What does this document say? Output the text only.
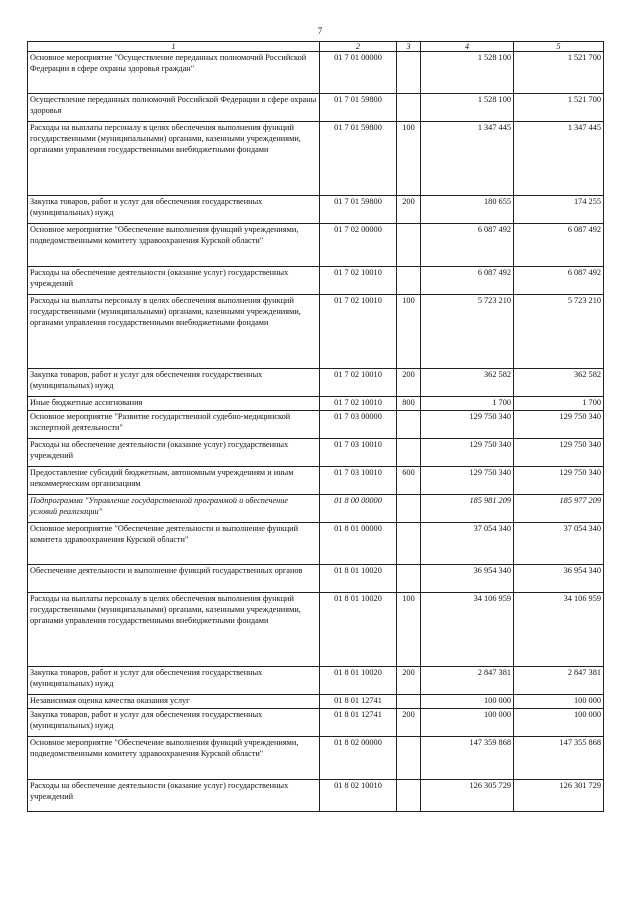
7
1	2	3	4	5
Основное мероприятие "Осуществление переданных полномочий Российской Федерации в сфере охраны здоровья граждан"	01 7 01 00000		1 528 100	1 521 700
Осуществление переданных полномочий Российской Федерации в сфере охраны здоровья	01 7 01 59800		1 528 100	1 521 700
Расходы на выплаты персоналу в целях обеспечения выполнения функций государственными (муниципальными) органами, казенными учреждениями, органами управления государственными внебюджетными фондами	01 7 01 59800	100	1 347 445	1 347 445
Закупка товаров, работ и услуг для обеспечения государственных (муниципальных) нужд	01 7 01 59800	200	180 655	174 255
Основное мероприятие "Обеспечение выполнения функций учреждениями, подведомственными комитету здравоохранения Курской области"	01 7 02 00000		6 087 492	6 087 492
Расходы на обеспечение деятельности (оказание услуг) государственных учреждений	01 7 02 10010		6 087 492	6 087 492
Расходы на выплаты персоналу в целях обеспечения выполнения функций государственными (муниципальными) органами, казенными учреждениями, органами управления государственными внебюджетными фондами	01 7 02 10010	100	5 723 210	5 723 210
Закупка товаров, работ и услуг для обеспечения государственных (муниципальных) нужд	01 7 02 10010	200	362 582	362 582
Иные бюджетные ассигнования	01 7 02 10010	800	1 700	1 700
Основное мероприятие "Развитие государственной судебно-медицинской экспертной деятельности"	01 7 03 00000		129 750 340	129 750 340
Расходы на обеспечение деятельности (оказание услуг) государственных учреждений	01 7 03 10010		129 750 340	129 750 340
Предоставление субсидий бюджетным, автономным учреждениям и иным некоммерческим организациям	01 7 03 10010	600	129 750 340	129 750 340
Подпрограмма "Управление государственной программой и обеспечение условий реализации"	01 8 00 00000		185 981 209	185 977 209
Основное мероприятие "Обеспечение деятельности и выполнение функций комитета здравоохранения Курской области"	01 8 01 00000		37 054 340	37 054 340
Обеспечение деятельности и выполнение функций государственных органов	01 8 01 10020		36 954 340	36 954 340
Расходы на выплаты персоналу в целях обеспечения выполнения функций государственными (муниципальными) органами, казенными учреждениями, органами управления государственными внебюджетными фондами	01 8 01 10020	100	34 106 959	34 106 959
Закупка товаров, работ и услуг для обеспечения государственных (муниципальных) нужд	01 8 01 10020	200	2 847 381	2 847 381
Независимая оценка качества оказания услуг	01 8 01 12741		100 000	100 000
Закупка товаров, работ и услуг для обеспечения государственных (муниципальных) нужд	01 8 01 12741	200	100 000	100 000
Основное мероприятие "Обеспечение выполнения функций учреждениями, подведомственными комитету здравоохранения Курской области"	01 8 02 00000		147 359 868	147 355 868
Расходы на обеспечение деятельности (оказание услуг) государственных учреждений	01 8 02 10010		126 305 729	126 301 729
